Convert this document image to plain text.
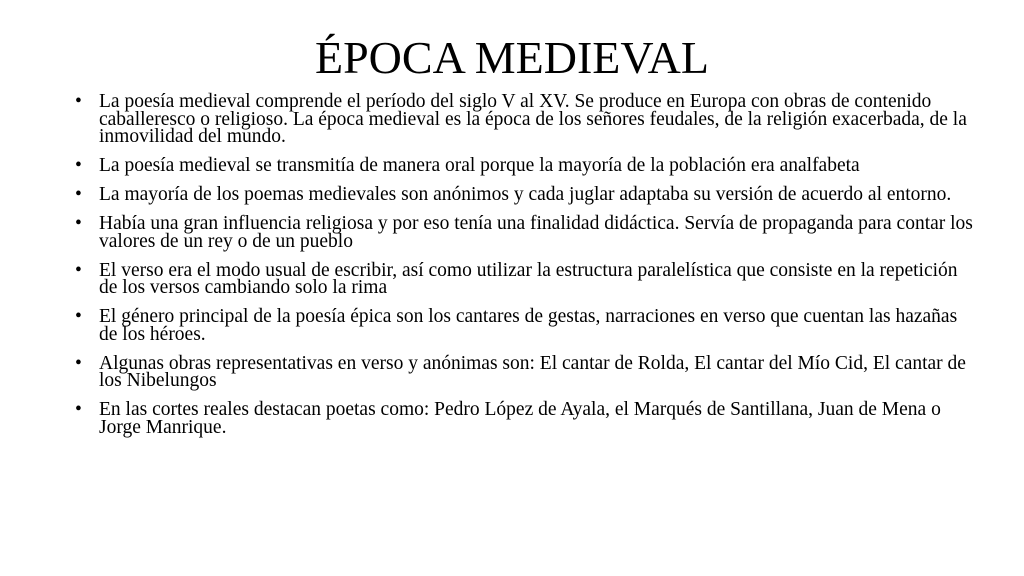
ÉPOCA MEDIEVAL
• La poesía medieval comprende el período del siglo V al XV. Se produce en Europa con obras de contenido caballeresco o religioso. La época medieval es la época de los señores feudales, de la religión exacerbada, de la inmovilidad del mundo.
• La poesía medieval se transmitía de manera oral porque la mayoría de la población era analfabeta
• La mayoría de los poemas medievales son anónimos y cada juglar adaptaba su versión de acuerdo al entorno.
• Había una gran influencia religiosa y por eso tenía una finalidad didáctica. Servía de propaganda para contar los valores de un rey o de un pueblo
• El verso era el modo usual de escribir, así como utilizar la estructura paralelística que consiste en la repetición de los versos cambiando solo la rima
• El género principal de la poesía épica son los cantares de gestas, narraciones en verso que cuentan las hazañas de los héroes.
• Algunas obras representativas en verso y anónimas son: El cantar de Rolda, El cantar del Mío Cid, El cantar de los Nibelungos
• En las cortes reales destacan poetas como: Pedro López de Ayala, el Marqués de Santillana, Juan de Mena o Jorge Manrique.
